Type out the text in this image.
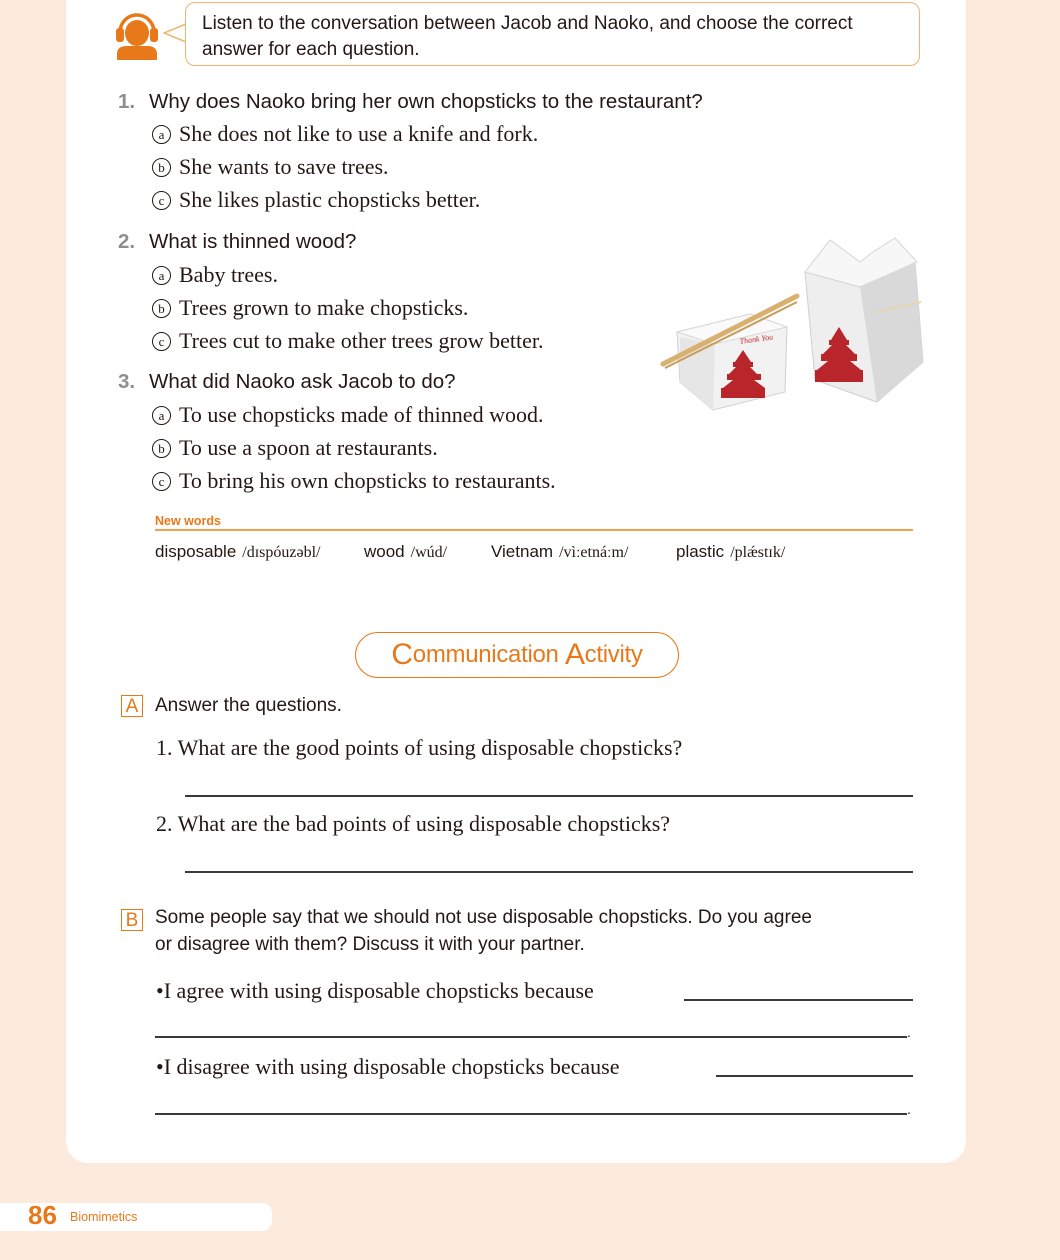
Listen to the conversation between Jacob and Naoko, and choose the correct answer for each question.
1. Why does Naoko bring her own chopsticks to the restaurant?
a She does not like to use a knife and fork.
b She wants to save trees.
c She likes plastic chopsticks better.
2. What is thinned wood?
a Baby trees.
b Trees grown to make chopsticks.
c Trees cut to make other trees grow better.
3. What did Naoko ask Jacob to do?
a To use chopsticks made of thinned wood.
b To use a spoon at restaurants.
c To bring his own chopsticks to restaurants.
Thank You
New words
disposable /dɪspóuzəbl/	wood /wúd/	Vietnam /vìːetnáːm/	plastic /plǽstɪk/
C ommunication A ctivity
A Answer the questions.
1. What are the good points of using disposable chopsticks?
2. What are the bad points of using disposable chopsticks?
B Some people say that we should not use disposable chopsticks. Do you agree
or disagree with them? Discuss it with your partner.
•I agree with using disposable chopsticks because
.
•I disagree with using disposable chopsticks because
.
86 Biomimetics
